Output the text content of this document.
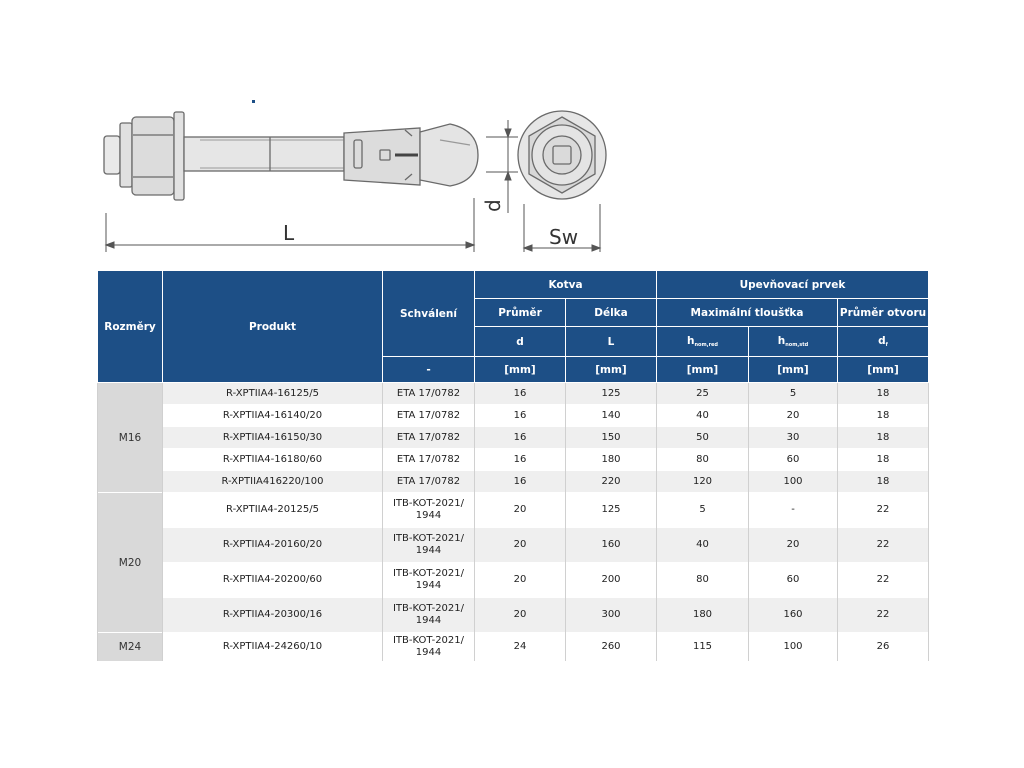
L
d
Sw
Rozměry	Produkt	Schválení	Kotva		Upevňovací prvek		
			Průměr	Délka	Maximální tloušťka		Průměr otvoru
			d	L	$h_{nom,red}$	$h_{nom,std}$	$d_f$
		-	[mm]	[mm]	[mm]	[mm]	[mm]
M16	R-XPTIIA4-16125/5	ETA 17/0782	16	125	25	5	18
	R-XPTIIA4-16140/20	ETA 17/0782	16	140	40	20	18
	R-XPTIIA4-16150/30	ETA 17/0782	16	150	50	30	18
	R-XPTIIA4-16180/60	ETA 17/0782	16	180	80	60	18
	R-XPTIIA416220/100	ETA 17/0782	16	220	120	100	18
M20	R-XPTIIA4-20125/5	ITB-KOT-2021/
1944	20	125	5	-	22
	R-XPTIIA4-20160/20	ITB-KOT-2021/
1944	20	160	40	20	22
	R-XPTIIA4-20200/60	ITB-KOT-2021/
1944	20	200	80	60	22
	R-XPTIIA4-20300/16	ITB-KOT-2021/
1944	20	300	180	160	22
M24	R-XPTIIA4-24260/10	ITB-KOT-2021/
1944	24	260	115	100	26
